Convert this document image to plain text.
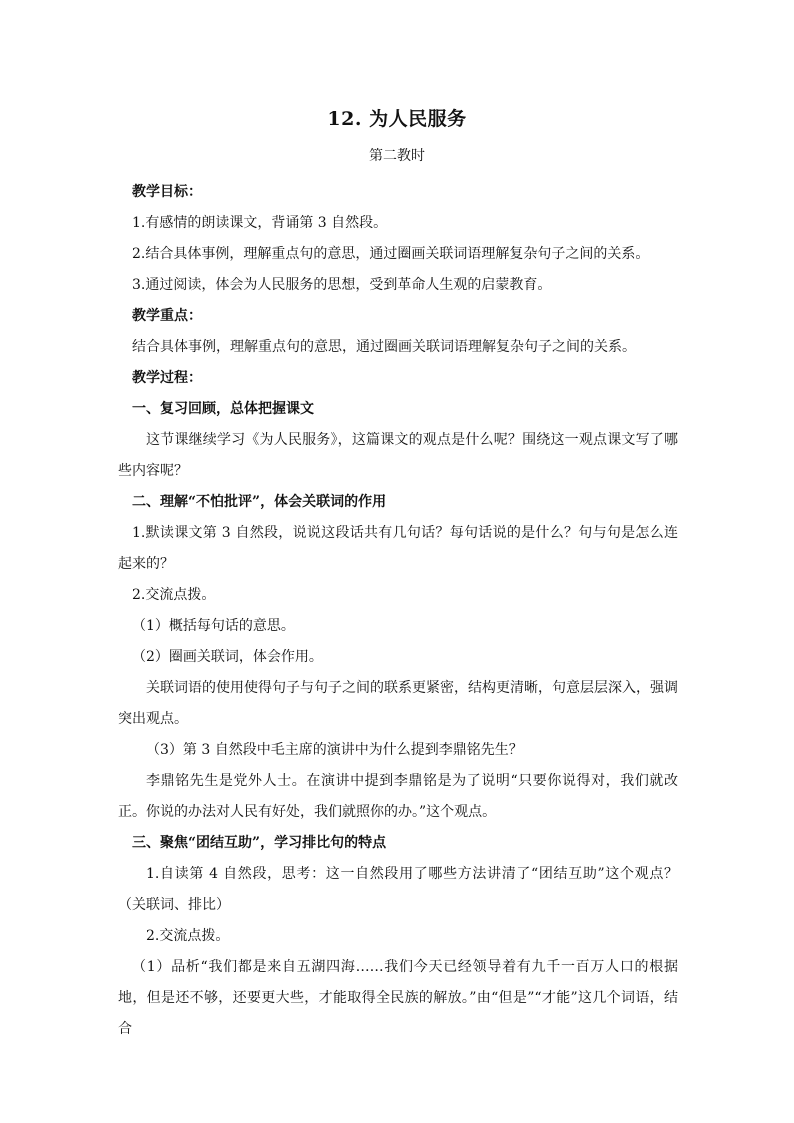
12. 为人民服务
第二教时

教学目标：

1.有感情的朗读课文，背诵第 3 自然段。

2.结合具体事例，理解重点句的意思，通过圈画关联词语理解复杂句子之间的关系。

3.通过阅读，体会为人民服务的思想，受到革命人生观的启蒙教育。

教学重点：

结合具体事例，理解重点句的意思，通过圈画关联词语理解复杂句子之间的关系。

教学过程：

一、复习回顾，总体把握课文

这节课继续学习《为人民服务》，这篇课文的观点是什么呢？围绕这一观点课文写了哪些内容呢？

二、理解“不怕批评”，体会关联词的作用

1.默读课文第 3 自然段，说说这段话共有几句话？每句话说的是什么？句与句是怎么连起来的？

2.交流点拨。

（1）概括每句话的意思。

（2）圈画关联词，体会作用。

关联词语的使用使得句子与句子之间的联系更紧密，结构更清晰，句意层层深入，强调突出观点。

（3）第 3 自然段中毛主席的演讲中为什么提到李鼎铭先生？

李鼎铭先生是党外人士。在演讲中提到李鼎铭是为了说明“只要你说得对，我们就改正。你说的办法对人民有好处，我们就照你的办。”这个观点。

三、聚焦“团结互助”，学习排比句的特点

1.自读第 4 自然段，思考：这一自然段用了哪些方法讲清了“团结互助”这个观点？（关联词、排比）

2.交流点拨。

（1）品析“我们都是来自五湖四海……我们今天已经领导着有九千一百万人口的根据地，但是还不够，还要更大些，才能取得全民族的解放。”由“但是”“才能”这几个词语，结合
